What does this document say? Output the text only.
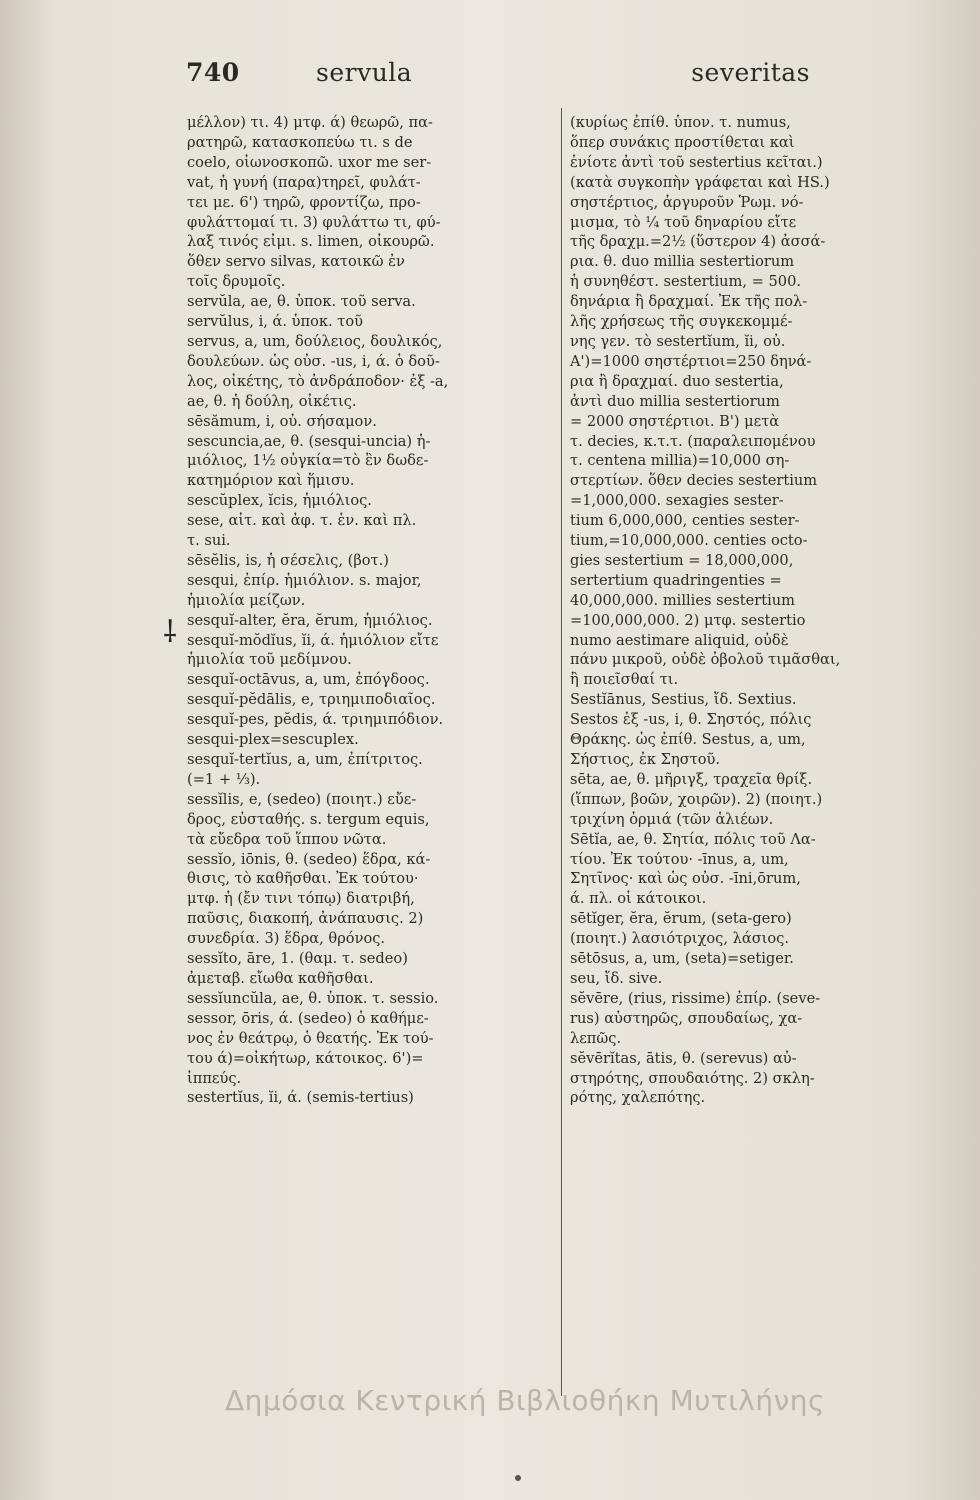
740	servula	severitas

μέλλον) τι. 4) μτφ. ά) θεωρῶ, πα-

ρατηρῶ, κατασκοπεύω τι. s de

coelo, οἰωνοσκοπῶ. uxor me ser-

vat, ἡ γυνή (παρα)τηρεῖ, φυλάτ-

τει με. 6') τηρῶ, φροντίζω, προ-

φυλάττομαί τι. 3) φυλάττω τι, φύ-

λαξ τινός εἰμι. s. limen, οἰκουρῶ.

ὅθεν servo silvas, κατοικῶ ἐν

τοῖς δρυμοῖς.

servŭla, ae, θ. ὑποκ. τοῦ serva.

servŭlus, i, ά. ὑποκ. τοῦ

servus, a, um, δούλειος, δουλικός,

δουλεύων. ὡς οὐσ. -us, i, ά. ὁ δοῦ-

λος, οἰκέτης, τὸ ἀνδράποδον· ἐξ -a,

ae, θ. ἡ δούλη, οἰκέτις.

sēsămum, i, οὐ. σήσαμον.

sescuncia,ae, θ. (sesqui-uncia) ἡ-

μιόλιος, 1½ οὐγκία=τὸ ἓν δωδε-

κατημόριον καὶ ἥμισυ.

sescŭplex, ĭcis, ἡμιόλιος.

sese, αἰτ. καὶ ἀφ. τ. ἑν. καὶ πλ.

τ. sui.

sēsĕlis, is, ἡ σέσελις, (βοτ.)

sesqui, ἐπίρ. ἡμιόλιον. s. major,

ἡμιολία μείζων.

sesquĭ-alter, ĕra, ĕrum, ἡμιόλιος.

sesquĭ-mŏdĭus, ĭi, ά. ἡμιόλιον εἴτε

ἡμιολία τοῦ μεδίμνου.

sesquĭ-octāvus, a, um, ἐπόγδοος.

sesquĭ-pĕdālis, e, τριημιποδιαῖος.

sesquĭ-pes, pĕdis, ά. τριημιπόδιον.

sesqui-plex=sescuplex.

sesquĭ-tertĭus, a, um, ἐπίτριτος.

(=1 + ⅓).

sessĭlis, e, (sedeo) (ποιητ.) εὔε-

δρος, εὐσταθής. s. tergum equis,

τὰ εὔεδρα τοῦ ἵππου νῶτα.

sessĭo, iōnis, θ. (sedeo) ἕδρα, κά-

θισις, τὸ καθῆσθαι. Ἐκ τούτου·

μτφ. ἡ (ἔν τινι τόπῳ) διατριβή,

παῦσις, διακοπή, ἀνάπαυσις. 2)

συνεδρία. 3) ἕδρα, θρόνος.

sessĭto, āre, 1. (θαμ. τ. sedeo)

ἀμεταβ. εἴωθα καθῆσθαι.

sessĭuncŭla, ae, θ. ὑποκ. τ. sessio.

sessor, ōris, ά. (sedeo) ὁ καθήμε-

νος ἐν θεάτρῳ, ὁ θεατής. Ἐκ τού-

του ά)=οἰκήτωρ, κάτοικος. 6')=

ἱππεύς.

sestertĭus, ĭi, ά. (semis-tertius)

(κυρίως ἐπίθ. ὑπον. τ. numus,

ὅπερ συνάκις προστίθεται καὶ

ἐνίοτε ἀντὶ τοῦ sestertius κεῖται.)

(κατὰ συγκοπὴν γράφεται καὶ HS.)

σηστέρτιος, ἀργυροῦν Ῥωμ. νό-

μισμα, τὸ ¼ τοῦ δηναρίου εἴτε

τῆς δραχμ.=2½ (ὕστερον 4) ἀσσά-

ρια. θ. duo millia sestertiorum

ἡ συνηθέστ. sestertium, = 500.

δηνάρια ἢ δραχμαί. Ἐκ τῆς πολ-

λῆς χρήσεως τῆς συγκεκομμέ-

νης γεν. τὸ sestertĭum, ĭi, οὐ.

Α')=1000 σηστέρτιοι=250 δηνά-

ρια ἢ δραχμαί. duo sestertia,

ἀντὶ duo millia sestertiorum

= 2000 σηστέρτιοι. B') μετὰ

τ. decies, κ.τ.τ. (παραλειπομένου

τ. centena millia)=10,000 ση-

στερτίων. ὅθεν decies sestertium

=1,000,000. sexagies sester-

tium 6,000,000, centies sester-

tium,=10,000,000. centies octo-

gies sestertium = 18,000,000,

sertertium quadringenties =

40,000,000. millies sestertium

=100,000,000. 2) μτφ. sestertio

numo aestimare aliquid, οὐδὲ

πάνυ μικροῦ, οὐδὲ ὀβολοῦ τιμᾶσθαι,

ἢ ποιεῖσθαί τι.

Sestĭānus, Sestius, ἴδ. Sextius.

Sestos ἐξ -us, i, θ. Σηστός, πόλις

Θράκης. ὡς ἐπίθ. Sestus, a, um,

Σήστιος, ἐκ Σηστοῦ.

sēta, ae, θ. μῆριγξ, τραχεῖα θρίξ.

(ἵππων, βοῶν, χοιρῶν). 2) (ποιητ.)

τριχίνη ὁρμιά (τῶν ἁλιέων.

Sētĭa, ae, θ. Σητία, πόλις τοῦ Λα-

τίου. Ἐκ τούτου· -īnus, a, um,

Σητῖνος· καὶ ὡς οὐσ. -īni,ōrum,

ά. πλ. οἱ κάτοικοι.

sētĭger, ĕra, ĕrum, (seta-gero)

(ποιητ.) λασιότριχος, λάσιος.

sētōsus, a, um, (seta)=setiger.

seu, ἴδ. sive.

sĕvēre, (rius, rissime) ἐπίρ. (seve-

rus) αὐστηρῶς, σπουδαίως, χα-

λεπῶς.

sĕvērĭtas, ātis, θ. (serevus) αὐ-

στηρότης, σπουδαιότης. 2) σκλη-

ρότης, χαλεπότης.

⸸
Δημόσια Κεντρική Βιβλιοθήκη Μυτιλήνης
